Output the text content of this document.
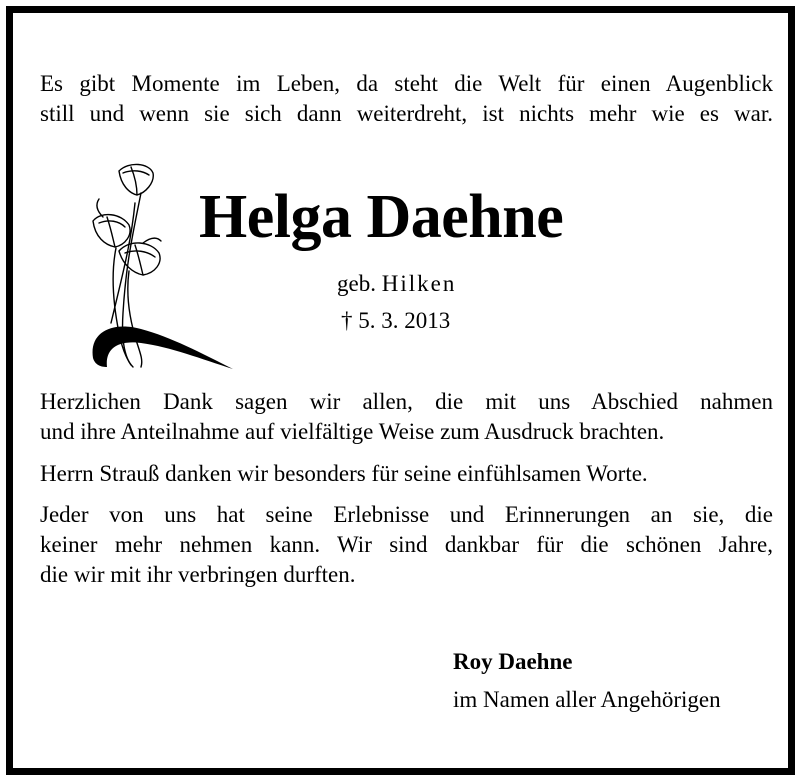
Es gibt Momente im Leben, da steht die Welt für einen Augenblick
still und wenn sie sich dann weiterdreht, ist nichts mehr wie es war.
Helga Daehne
geb. Hilken
† 5. 3. 2013
Herzlichen Dank sagen wir allen, die mit uns Abschied nahmen
und ihre Anteilnahme auf vielfältige Weise zum Ausdruck brachten.
Herrn Strauß danken wir besonders für seine einfühlsamen Worte.
Jeder von uns hat seine Erlebnisse und Erinnerungen an sie, die
keiner mehr nehmen kann. Wir sind dankbar für die schönen Jahre,
die wir mit ihr verbringen durften.
Roy Daehne
im Namen aller Angehörigen
